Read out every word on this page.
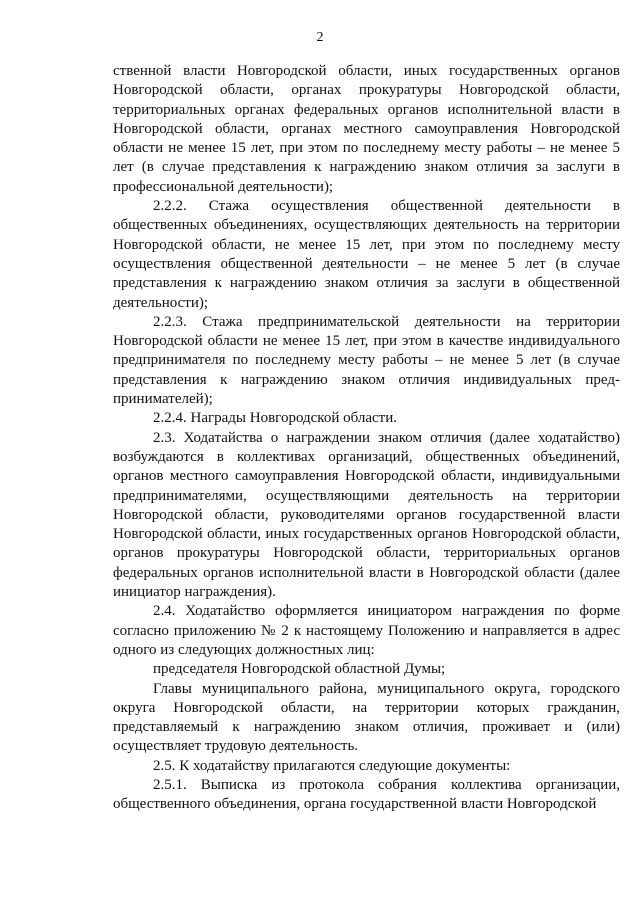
2

ственной власти Новгородской области, иных государственных органов Новгородской области, органах прокуратуры Новгородской области, территориальных органах федеральных органов исполнительной власти в Новгородской области, органах местного самоуправления Новгородской области не менее 15 лет, при этом по последнему месту работы – не менее 5 лет (в случае представления к награждению знаком отличия за заслуги в профессиональной деятельности);

2.2.2. Стажа осуществления общественной деятельности в общественных объединениях, осуществляющих деятельность на территории Новгородской области, не менее 15 лет, при этом по последнему месту осуществления общественной деятельности – не менее 5 лет (в случае представления к награждению знаком отличия за заслуги в общественной деятельности);

2.2.3. Стажа предпринимательской деятельности на территории Новгородской области не менее 15 лет, при этом в качестве индивидуального предпринимателя по последнему месту работы – не менее 5 лет (в случае представления к награждению знаком отличия индивидуальных пред-принимателей);

2.2.4. Награды Новгородской области.

2.3. Ходатайства о награждении знаком отличия (далее ходатайство) возбуждаются в коллективах организаций, общественных объединений, органов местного самоуправления Новгородской области, индивидуальными предпринимателями, осуществляющими деятельность на территории Новгородской области, руководителями органов государственной власти Новгородской области, иных государственных органов Новгородской области, органов прокуратуры Новгородской области, территориальных органов федеральных органов исполнительной власти в Новгородской области (далее инициатор награждения).

2.4. Ходатайство оформляется инициатором награждения по форме согласно приложению № 2 к настоящему Положению и направляется в адрес одного из следующих должностных лиц:

председателя Новгородской областной Думы;

Главы муниципального района, муниципального округа, городского округа Новгородской области, на территории которых гражданин, представляемый к награждению знаком отличия, проживает и (или) осуществляет трудовую деятельность.

2.5. К ходатайству прилагаются следующие документы:

2.5.1. Выписка из протокола собрания коллектива организации, общественного объединения, органа государственной власти Новгородской
